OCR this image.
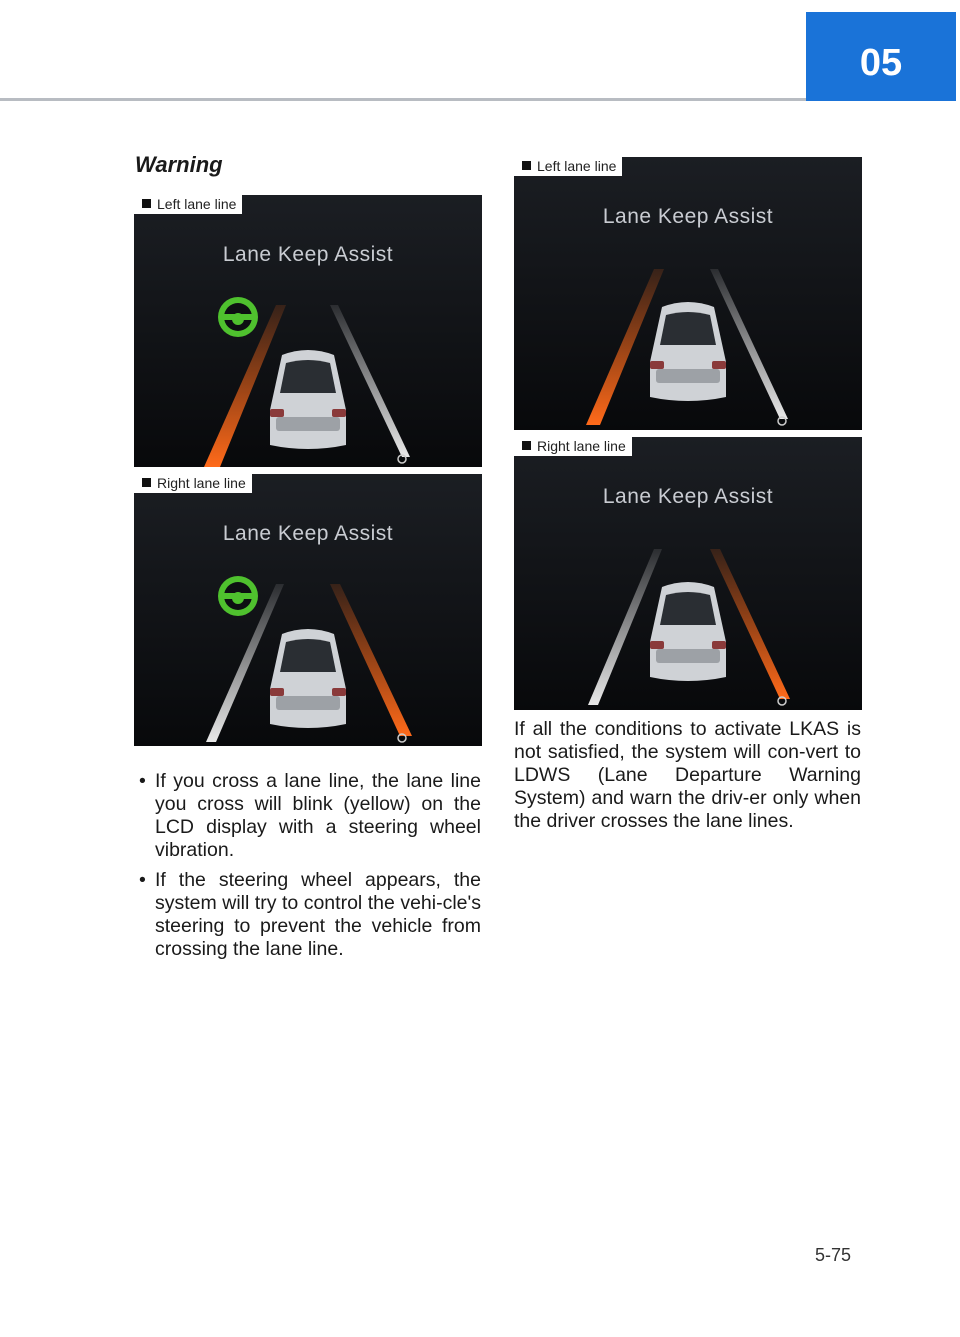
05
Warning
Left lane line
Lane Keep Assist
Right lane line
Lane Keep Assist
Left lane line
Lane Keep Assist
Right lane line
Lane Keep Assist
• If you cross a lane line, the lane line you cross will blink (yellow) on the LCD display with a steering wheel vibration.
• If the steering wheel appears, the system will try to control the vehi-cle's steering to prevent the vehicle from crossing the lane line.

If all the conditions to activate LKAS is not satisfied, the system will con-vert to LDWS (Lane Departure Warning System) and warn the driv-er only when the driver crosses the lane lines.

5-75
